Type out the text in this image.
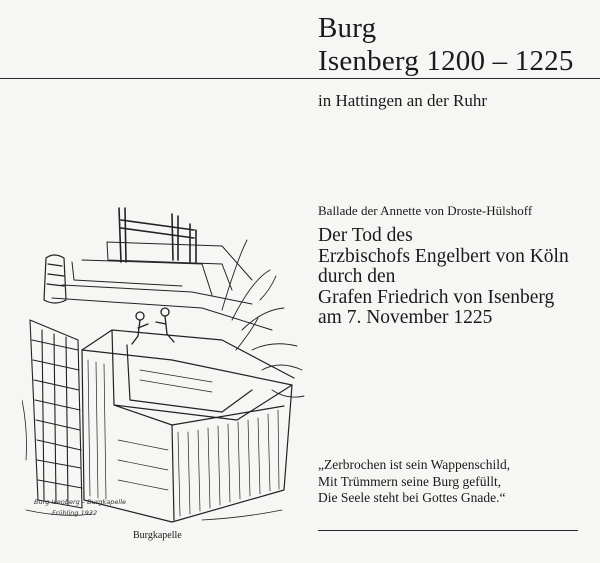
Burg
Isenberg 1200 – 1225
in Hattingen an der Ruhr
Ballade der Annette von Droste-Hülshoff
Der Tod des
Erzbischofs Engelbert von Köln
durch den
Grafen Friedrich von Isenberg
am 7. November 1225
„Zerbrochen ist sein Wappenschild,
Mit Trümmern seine Burg gefüllt,
Die Seele steht bei Gottes Gnade.“
Burg Isenberg – Burgkapelle
Frühling 1932
Burgkapelle
